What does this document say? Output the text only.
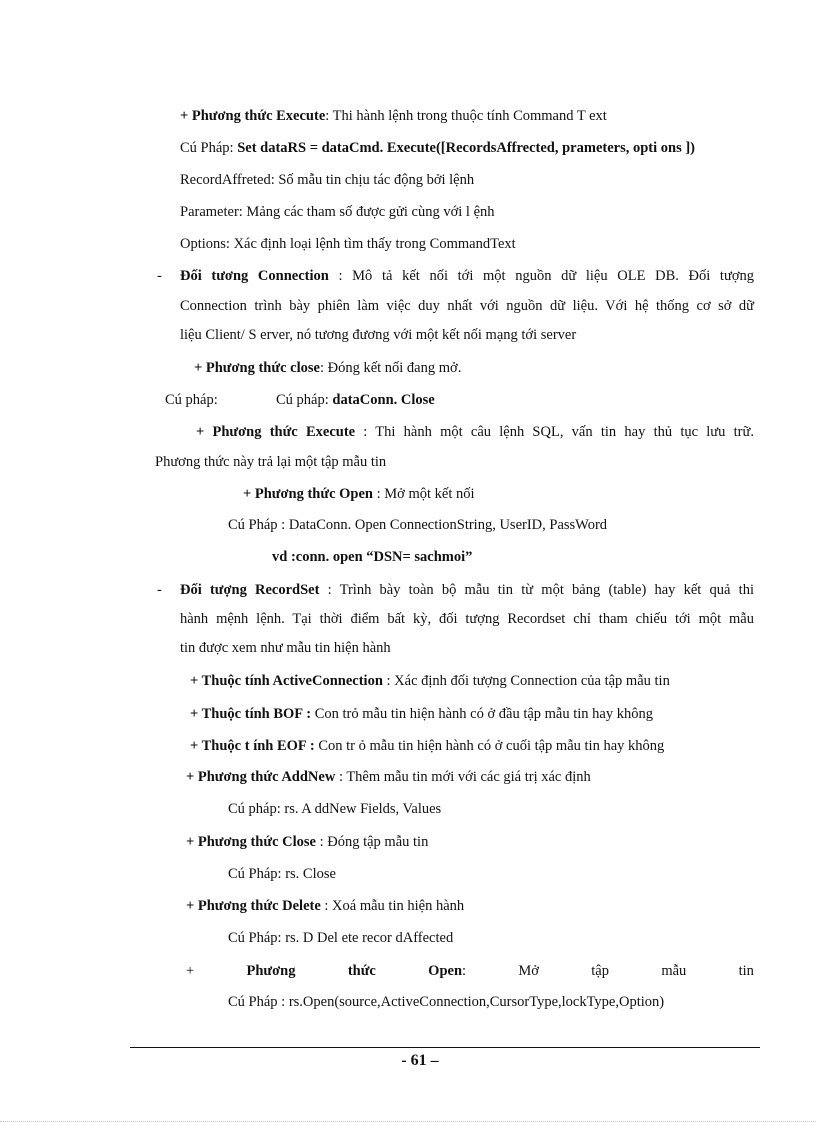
+ Phương thức Execute: Thi hành lệnh trong thuộc tính Command T ext
Cú Pháp: Set dataRS = dataCmd. Execute([RecordsAffrected, prameters, opti ons ])
RecordAffreted: Số mẫu tin chịu tác động bởi lệnh
Parameter: Mảng các tham số được gửi cùng với l ệnh
Options: Xác định loại lệnh tìm thấy trong CommandText
- Đối tương Connection : Mô tả kết nối tới một nguồn dữ liệu OLE DB. Đối tượng
Connection trình bày phiên làm việc duy nhất với nguồn dữ liệu. Với hệ thống cơ sở dữ
liệu Client/ S erver, nó tương đương với một kết nối mạng tới server
+ Phương thức close: Đóng kết nối đang mở.
Cú pháp:	Cú pháp: dataConn. Close
+ Phương thức Execute : Thi hành một câu lệnh SQL, vấn tin hay thủ tục lưu trữ.
Phương thức này trả lại một tập mẫu tin
+ Phương thức Open : Mở một kết nối
Cú Pháp : DataConn. Open ConnectionString, UserID, PassWord
vd :conn. open “DSN= sachmoi”
- Đối tượng RecordSet : Trình bày toàn bộ mẫu tin từ một bảng (table) hay kết quả thi
hành mệnh lệnh. Tại thời điểm bất kỳ, đối tượng Recordset chỉ tham chiếu tới một mẫu
tin được xem như mẫu tin hiện hành
+ Thuộc tính ActiveConnection : Xác định đối tượng Connection của tập mẫu tin
+ Thuộc tính BOF : Con trỏ mẫu tin hiện hành có ở đầu tập mẫu tin hay không
+ Thuộc t ính EOF : Con tr ỏ mẫu tin hiện hành có ở cuối tập mẫu tin hay không
+ Phương thức AddNew : Thêm mẫu tin mới với các giá trị xác định
Cú pháp: rs. A ddNew Fields, Values
+ Phương thức Close : Đóng tập mẫu tin
Cú Pháp: rs. Close
+ Phương thức Delete : Xoá mẫu tin hiện hành
Cú Pháp: rs. D Del ete recor dAffected
+	Phương	thức	Open:	Mở	tập	mẫu	tin
Cú Pháp : rs.Open(source,ActiveConnection,CursorType,lockType,Option)
- 61 –
